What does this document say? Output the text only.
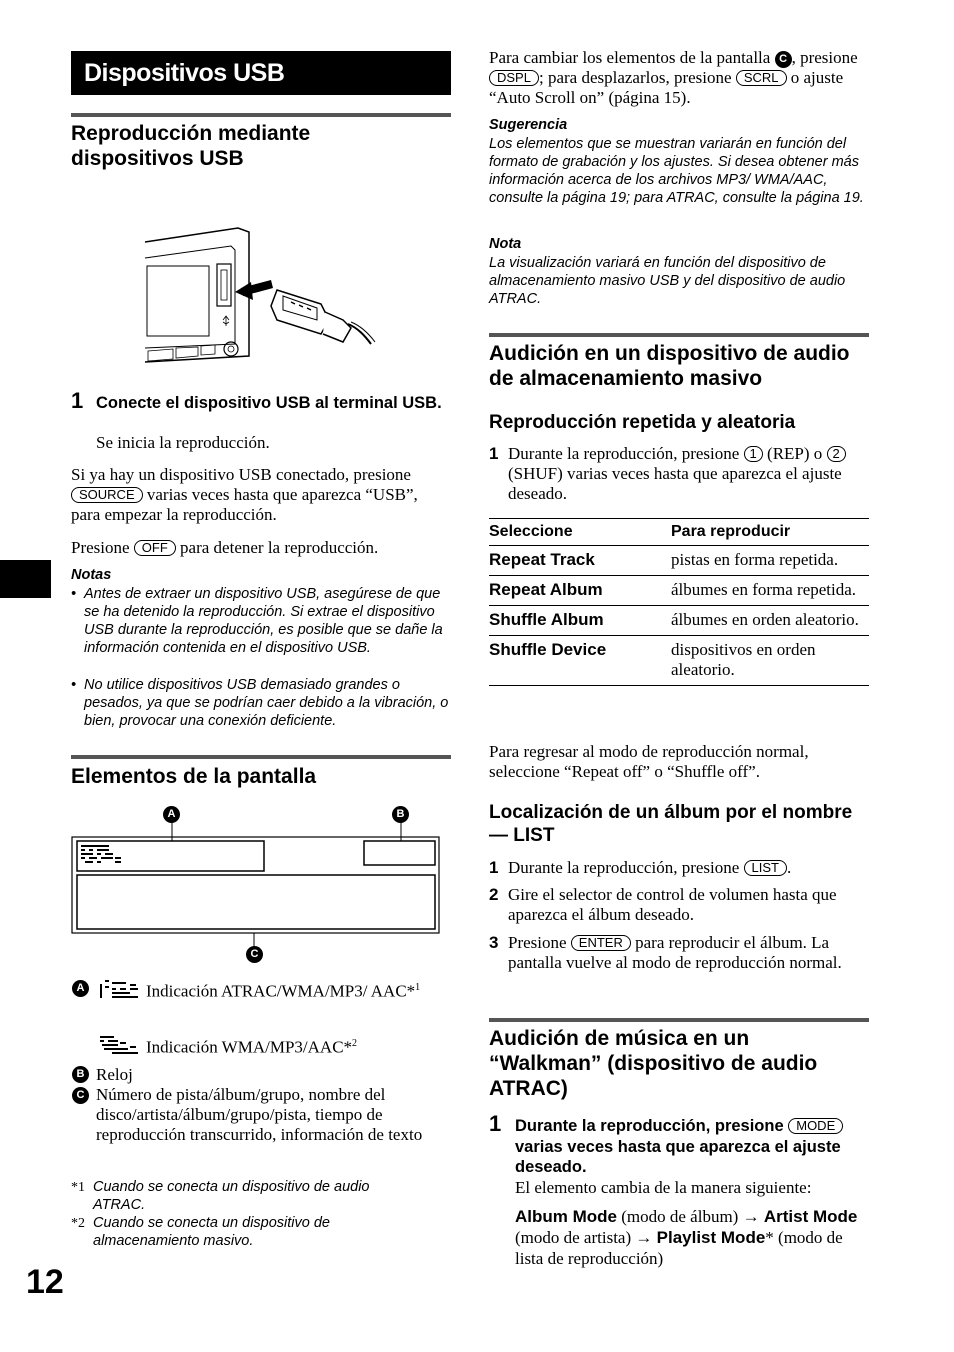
12
Dispositivos USB
Reproducción mediante dispositivos USB
1 Conecte el dispositivo USB al terminal USB.
Se inicia la reproducción.
Si ya hay un dispositivo USB conectado, presione SOURCE varias veces hasta que aparezca “USB”, para empezar la reproducción.
Presione OFF para detener la reproducción.
Notas
• Antes de extraer un dispositivo USB, asegúrese de que se ha detenido la reproducción. Si extrae el dispositivo USB durante la reproducción, es posible que se dañe la información contenida en el dispositivo USB.
• No utilice dispositivos USB demasiado grandes o pesados, ya que se podrían caer debido a la vibración, o bien, provocar una conexión deficiente.
Elementos de la pantalla
A	B
C
A	Indicación ATRAC/WMA/MP3/ AAC*$^1$
Indicación WMA/MP3/AAC*$^2$
B Reloj
C Número de pista/álbum/grupo, nombre del disco/artista/álbum/grupo/pista, tiempo de reproducción transcurrido, información de texto
*1 Cuando se conecta un dispositivo de audio ATRAC.
*2 Cuando se conecta un dispositivo de almacenamiento masivo.
Para cambiar los elementos de la pantalla C , presione DSPL ; para desplazarlos, presione SCRL o ajuste “Auto Scroll on” (página 15).
Sugerencia
Los elementos que se muestran variarán en función del formato de grabación y los ajustes. Si desea obtener más información acerca de los archivos MP3/ WMA/AAC, consulte la página 19; para ATRAC, consulte la página 19.
Nota
La visualización variará en función del dispositivo de almacenamiento masivo USB y del dispositivo de audio ATRAC.
Audición en un dispositivo de audio de almacenamiento masivo
Reproducción repetida y aleatoria
1 Durante la reproducción, presione 1 (REP) o 2 (SHUF) varias veces hasta que aparezca el ajuste deseado.
Seleccione	Para reproducir
Repeat Track	pistas en forma repetida.
Repeat Album	álbumes en forma repetida.
Shuffle Album	álbumes en orden aleatorio.
Shuffle Device	dispositivos en orden aleatorio.
Para regresar al modo de reproducción normal, seleccione “Repeat off” o “Shuffle off”.
Localización de un álbum por el nombre — LIST
1 Durante la reproducción, presione LIST .
2 Gire el selector de control de volumen hasta que aparezca el álbum deseado.
3 Presione ENTER para reproducir el álbum. La pantalla vuelve al modo de reproducción normal.
Audición de música en un “Walkman” (dispositivo de audio ATRAC)
1 Durante la reproducción, presione MODE varias veces hasta que aparezca el ajuste deseado.
El elemento cambia de la manera siguiente:
Album Mode (modo de álbum) → Artist Mode (modo de artista) → Playlist Mode* (modo de lista de reproducción)
